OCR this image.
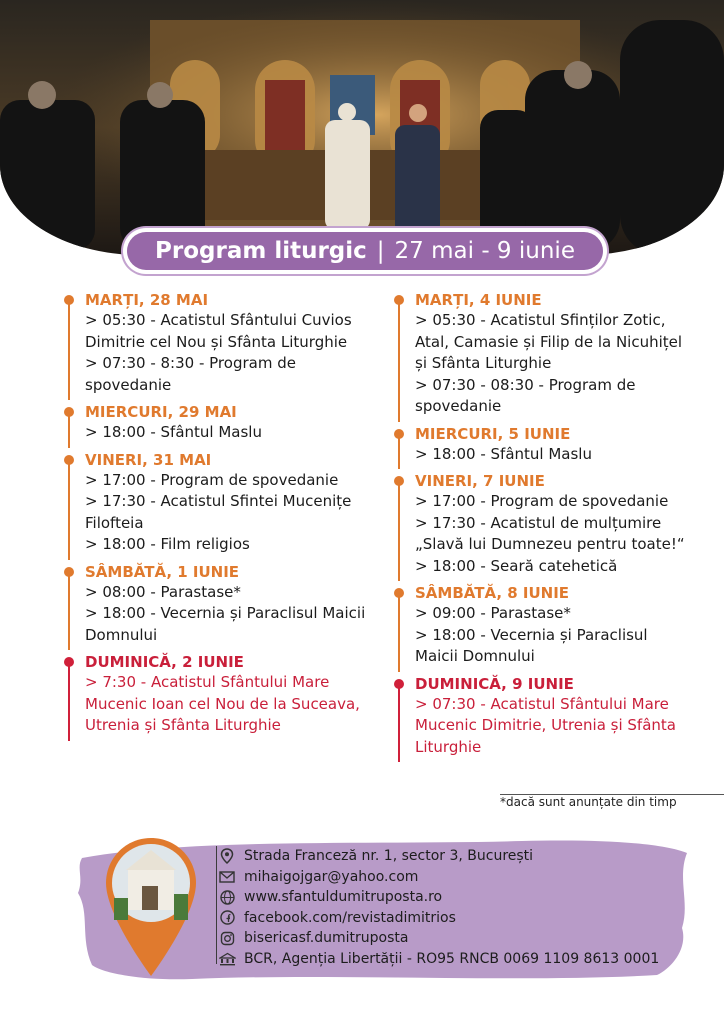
Program liturgic | 27 mai - 9 iunie
MARȚI, 28 MAI
> 05:30 - Acatistul Sfântului Cuvios
Dimitrie cel Nou și Sfânta Liturghie
> 07:30 - 8:30 - Program de spovedanie
MIERCURI, 29 MAI
> 18:00 - Sfântul Maslu
VINERI, 31 MAI
> 17:00 - Program de spovedanie
> 17:30 - Acatistul Sfintei Mucenițe
Filofteia
> 18:00 - Film religios
SÂMBĂTĂ, 1 IUNIE
> 08:00 - Parastase*
> 18:00 - Vecernia și Paraclisul Maicii
Domnului
DUMINICĂ, 2 IUNIE
> 7:30 - Acatistul Sfântului Mare
Mucenic Ioan cel Nou de la Suceava,
Utrenia și Sfânta Liturghie
MARȚI, 4 IUNIE
> 05:30 - Acatistul Sfinților Zotic,
Atal, Camasie și Filip de la Nicuhițel
și Sfânta Liturghie
> 07:30 - 08:30 - Program de
spovedanie
MIERCURI, 5 IUNIE
> 18:00 - Sfântul Maslu
VINERI, 7 IUNIE
> 17:00 - Program de spovedanie
> 17:30 - Acatistul de mulțumire
„Slavă lui Dumnezeu pentru toate!“
> 18:00 - Seară catehetică
SÂMBĂTĂ, 8 IUNIE
> 09:00 - Parastase*
> 18:00 - Vecernia și Paraclisul
Maicii Domnului
DUMINICĂ, 9 IUNIE
> 07:30 - Acatistul Sfântului Mare
Mucenic Dimitrie, Utrenia și Sfânta
Liturghie
*dacă sunt anunțate din timp
Strada Franceză nr. 1, sector 3, București
mihaigojgar@yahoo.com
www.sfantuldumitruposta.ro
facebook.com/revistadimitrios
bisericasf.dumitruposta
BCR, Agenția Libertății - RO95 RNCB 0069 1109 8613 0001
